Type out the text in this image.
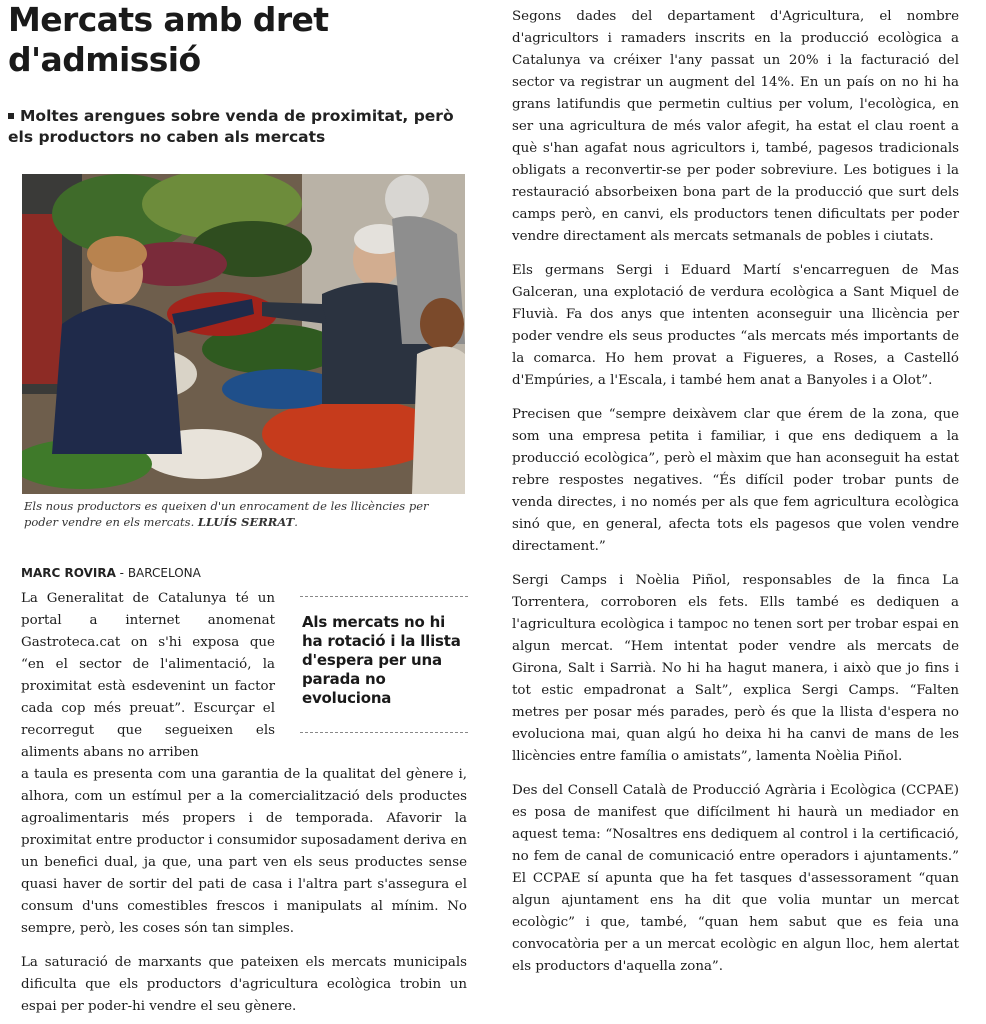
Mercats amb dret d'admissió
Moltes arengues sobre venda de proximitat, però els productors no caben als mercats
Els nous productors es queixen d'un enrocament de les llicències per poder vendre en els mercats. LLUÍS SERRAT.
MARC ROVIRA - BARCELONA

La Generalitat de Catalunya té un portal a internet anomenat Gastroteca.cat on s'hi exposa que “en el sector de l'alimentació, la proximitat està esdevenint un factor cada cop més preuat”. Escurçar el recorregut que segueixen els aliments abans no arriben

Als mercats no hi ha rotació i la llista d'espera per una parada no evoluciona

a taula es presenta com una garantia de la qualitat del gènere i, alhora, com un estímul per a la comercialització dels productes agroalimentaris més propers i de temporada. Afavorir la proximitat entre productor i consumidor suposadament deriva en un benefici dual, ja que, una part ven els seus productes sense quasi haver de sortir del pati de casa i l'altra part s'assegura el consum d'uns comestibles frescos i manipulats al mínim. No sempre, però, les coses són tan simples.

La saturació de marxants que pateixen els mercats municipals dificulta que els productors d'agricultura ecològica trobin un espai per poder-hi vendre el seu gènere.

Segons dades del departament d'Agricultura, el nombre d'agricultors i ramaders inscrits en la producció ecològica a Catalunya va créixer l'any passat un 20% i la facturació del sector va registrar un augment del 14%. En un país on no hi ha grans latifundis que permetin cultius per volum, l'ecològica, en ser una agricultura de més valor afegit, ha estat el clau roent a què s'han agafat nous agricultors i, també, pagesos tradicionals obligats a reconvertir-se per poder sobreviure. Les botigues i la restauració absorbeixen bona part de la producció que surt dels camps però, en canvi, els productors tenen dificultats per poder vendre directament als mercats setmanals de pobles i ciutats.

Els germans Sergi i Eduard Martí s'encarreguen de Mas Galceran, una explotació de verdura ecològica a Sant Miquel de Fluvià. Fa dos anys que intenten aconseguir una llicència per poder vendre els seus productes “als mercats més importants de la comarca. Ho hem provat a Figueres, a Roses, a Castelló d'Empúries, a l'Escala, i també hem anat a Banyoles i a Olot”.

Precisen que “sempre deixàvem clar que érem de la zona, que som una empresa petita i familiar, i que ens dediquem a la producció ecològica”, però el màxim que han aconseguit ha estat rebre respostes negatives. “És difícil poder trobar punts de venda directes, i no només per als que fem agricultura ecològica sinó que, en general, afecta tots els pagesos que volen vendre directament.”

Sergi Camps i Noèlia Piñol, responsables de la finca La Torrentera, corroboren els fets. Ells també es dediquen a l'agricultura ecològica i tampoc no tenen sort per trobar espai en algun mercat. “Hem intentat poder vendre als mercats de Girona, Salt i Sarrià. No hi ha hagut manera, i això que jo fins i tot estic empadronat a Salt”, explica Sergi Camps. “Falten metres per posar més parades, però és que la llista d'espera no evoluciona mai, quan algú ho deixa hi ha canvi de mans de les llicències entre família o amistats”, lamenta Noèlia Piñol.

Des del Consell Català de Producció Agrària i Ecològica (CCPAE) es posa de manifest que difícilment hi haurà un mediador en aquest tema: “Nosaltres ens dediquem al control i la certificació, no fem de canal de comunicació entre operadors i ajuntaments.” El CCPAE sí apunta que ha fet tasques d'assessorament “quan algun ajuntament ens ha dit que volia muntar un mercat ecològic” i que, també, “quan hem sabut que es feia una convocatòria per a un mercat ecològic en algun lloc, hem alertat els productors d'aquella zona”.
